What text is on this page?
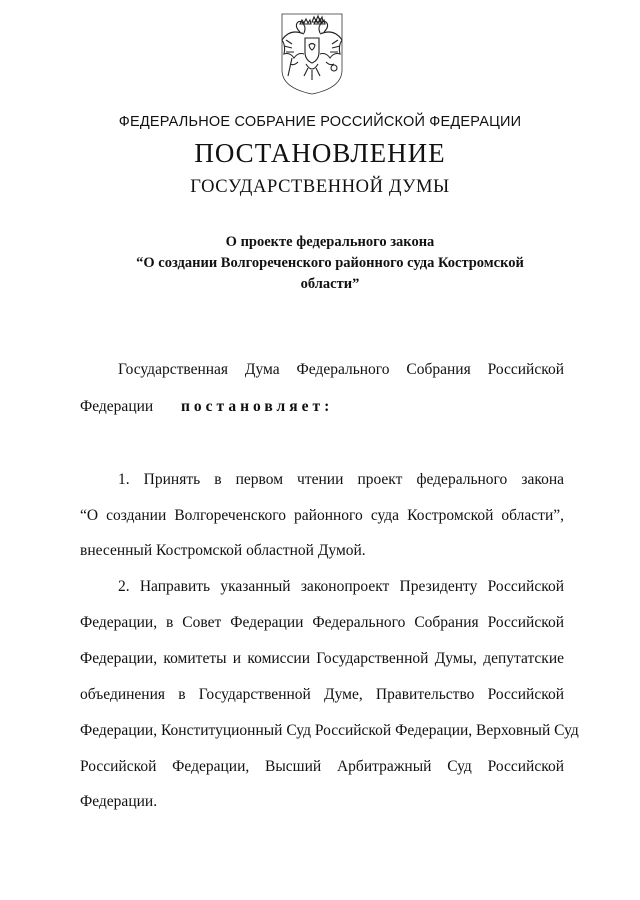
ФЕДЕРАЛЬНОЕ СОБРАНИЕ РОССИЙСКОЙ ФЕДЕРАЦИИ
ПОСТАНОВЛЕНИЕ
ГОСУДАРСТВЕННОЙ ДУМЫ
О проекте федерального закона
“О создании Волгореченского районного суда Костромской
области”
Государственная Дума Федерального Собрания Российской
Федерации постановляет:
1. Принять в первом чтении проект федерального закона
“О создании Волгореченского районного суда Костромской области”,
внесенный Костромской областной Думой.
2. Направить указанный законопроект Президенту Российской
Федерации, в Совет Федерации Федерального Собрания Российской
Федерации, комитеты и комиссии Государственной Думы, депутатские
объединения в Государственной Думе, Правительство Российской
Федерации, Конституционный Суд Российской Федерации, Верховный Суд
Российской Федерации, Высший Арбитражный Суд Российской
Федерации.
